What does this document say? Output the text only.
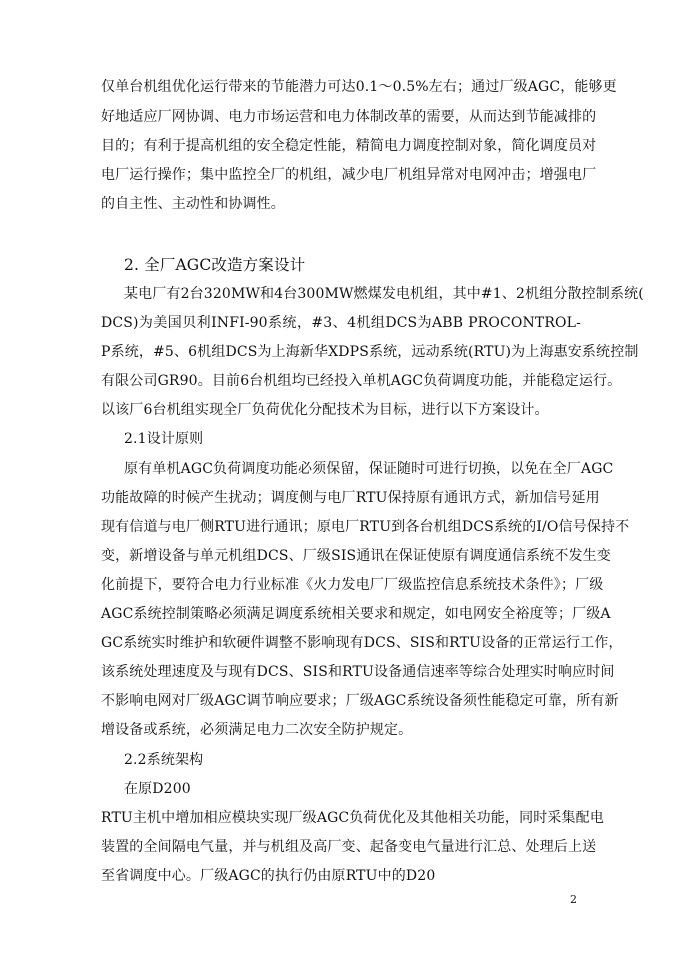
仅单台机组优化运行带来的节能潜力可达0.1～0.5%左右；通过厂级AGC，能够更
好地适应厂网协调、电力市场运营和电力体制改革的需要，从而达到节能减排的
目的；有利于提高机组的安全稳定性能，精简电力调度控制对象，简化调度员对
电厂运行操作；集中监控全厂的机组，减少电厂机组异常对电网冲击；增强电厂
的自主性、主动性和协调性。
2. 全厂AGC改造方案设计
某电厂有2台320MW和4台300MW燃煤发电机组，其中#1、2机组分散控制系统(
DCS)为美国贝利INFI-90系统，#3、4机组DCS为ABB PROCONTROL-
P系统，#5、6机组DCS为上海新华XDPS系统，远动系统(RTU)为上海惠安系统控制
有限公司GR90。目前6台机组均已经投入单机AGC负荷调度功能，并能稳定运行。
以该厂6台机组实现全厂负荷优化分配技术为目标，进行以下方案设计。
2.1设计原则
原有单机AGC负荷调度功能必须保留，保证随时可进行切换，以免在全厂AGC
功能故障的时候产生扰动；调度侧与电厂RTU保持原有通讯方式，新加信号延用
现有信道与电厂侧RTU进行通讯；原电厂RTU到各台机组DCS系统的I/O信号保持不
变，新增设备与单元机组DCS、厂级SIS通讯在保证使原有调度通信系统不发生变
化前提下，要符合电力行业标准《火力发电厂厂级监控信息系统技术条件》；厂级
AGC系统控制策略必须满足调度系统相关要求和规定，如电网安全裕度等；厂级A
GC系统实时维护和软硬件调整不影响现有DCS、SIS和RTU设备的正常运行工作，
该系统处理速度及与现有DCS、SIS和RTU设备通信速率等综合处理实时响应时间
不影响电网对厂级AGC调节响应要求；厂级AGC系统设备须性能稳定可靠，所有新
增设备或系统，必须满足电力二次安全防护规定。
2.2系统架构
在原D200
RTU主机中增加相应模块实现厂级AGC负荷优化及其他相关功能，同时采集配电
装置的全间隔电气量，并与机组及高厂变、起备变电气量进行汇总、处理后上送
至省调度中心。厂级AGC的执行仍由原RTU中的D20
2
